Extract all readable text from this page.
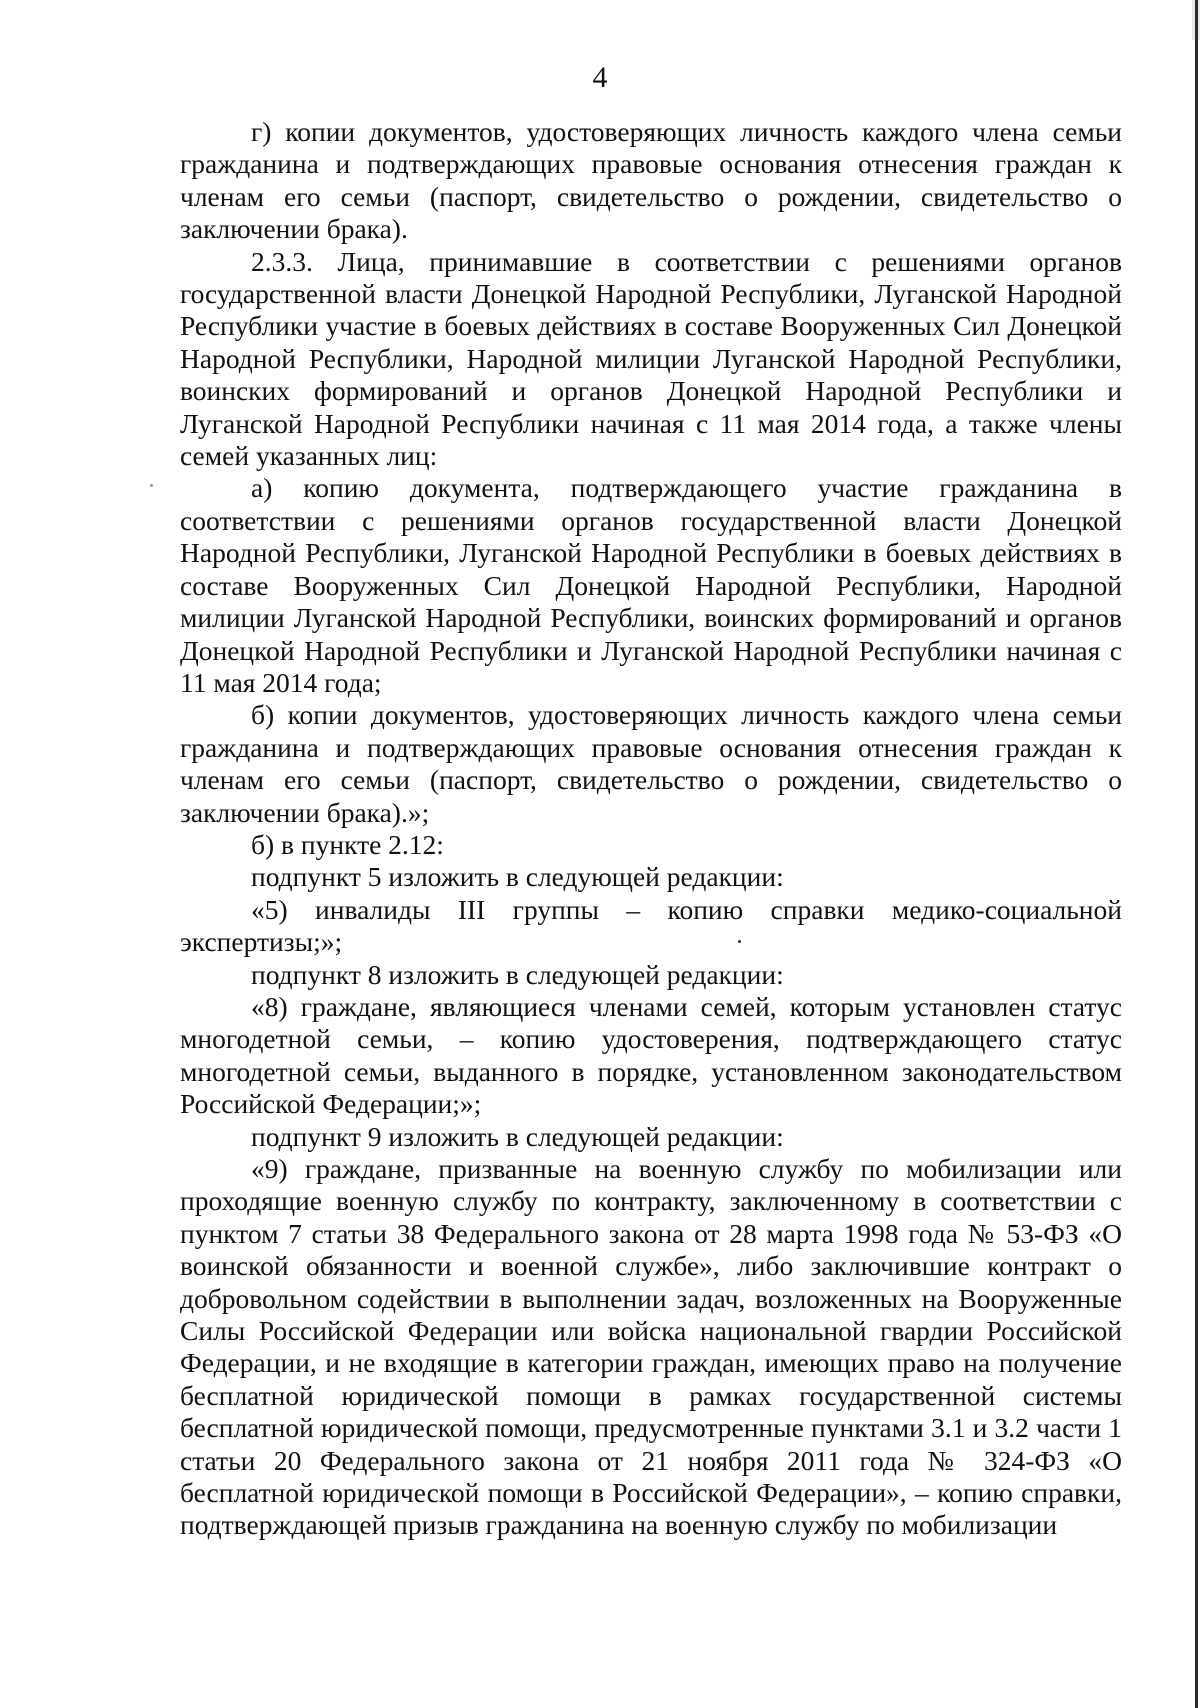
4

г) копии документов, удостоверяющих личность каждого члена семьи гражданина и подтверждающих правовые основания отнесения граждан к членам его семьи (паспорт, свидетельство о рождении, свидетельство о заключении брака).

2.3.3. Лица, принимавшие в соответствии с решениями органов государственной власти Донецкой Народной Республики, Луганской Народной Республики участие в боевых действиях в составе Вооруженных Сил Донецкой Народной Республики, Народной милиции Луганской Народной Республики, воинских формирований и органов Донецкой Народной Республики и Луганской Народной Республики начиная с 11 мая 2014 года, а также члены семей указанных лиц:

а) копию документа, подтверждающего участие гражданина в соответствии с решениями органов государственной власти Донецкой Народной Республики, Луганской Народной Республики в боевых действиях в составе Вооруженных Сил Донецкой Народной Республики, Народной милиции Луганской Народной Республики, воинских формирований и органов Донецкой Народной Республики и Луганской Народной Республики начиная с 11 мая 2014 года;

б) копии документов, удостоверяющих личность каждого члена семьи гражданина и подтверждающих правовые основания отнесения граждан к членам его семьи (паспорт, свидетельство о рождении, свидетельство о заключении брака).»;

б) в пункте 2.12:

подпункт 5 изложить в следующей редакции:

«5) инвалиды III группы – копию справки медико-социальной экспертизы;»;

подпункт 8 изложить в следующей редакции:

«8) граждане, являющиеся членами семей, которым установлен статус многодетной семьи, – копию удостоверения, подтверждающего статус многодетной семьи, выданного в порядке, установленном законодательством Российской Федерации;»;

подпункт 9 изложить в следующей редакции:

«9) граждане, призванные на военную службу по мобилизации или проходящие военную службу по контракту, заключенному в соответствии с пунктом 7 статьи 38 Федерального закона от 28 марта 1998 года № 53-ФЗ «О воинской обязанности и военной службе», либо заключившие контракт о добровольном содействии в выполнении задач, возложенных на Вооруженные Силы Российской Федерации или войска национальной гвардии Российской Федерации, и не входящие в категории граждан, имеющих право на получение бесплатной юридической помощи в рамках государственной системы бесплатной юридической помощи, предусмотренные пунктами 3.1 и 3.2 части 1 статьи 20 Федерального закона от 21 ноября 2011 года № 324-ФЗ «О бесплатной юридической помощи в Российской Федерации», – копию справки, подтверждающей призыв гражданина на военную службу по мобилизации
